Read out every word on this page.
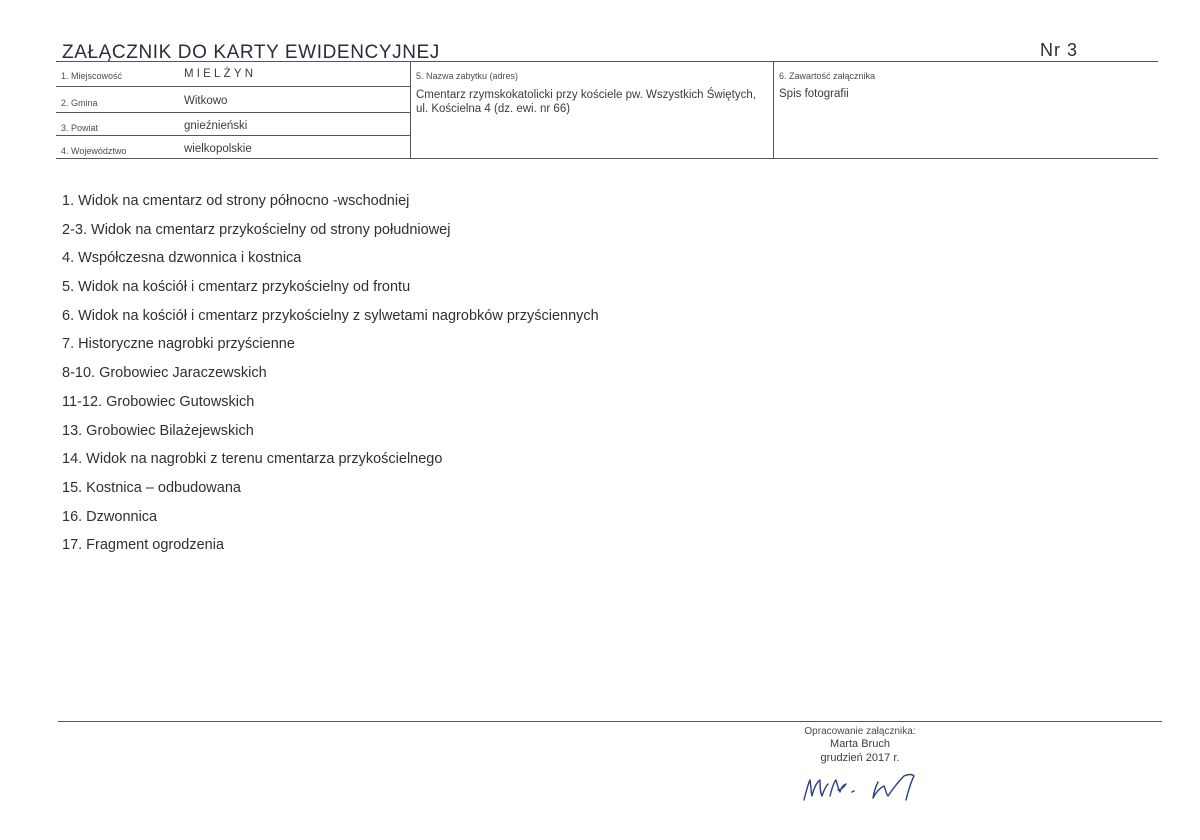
ZAŁĄCZNIK DO KARTY EWIDENCYJNEJ	Nr 3
1. Miejscowość	MIELŻYN
2. Gmina	Witkowo
3. Powiat	gnieźnieński
4. Województwo	wielkopolskie
5. Nazwa zabytku (adres)
Cmentarz rzymskokatolicki przy kościele pw. Wszystkich Świętych, ul. Kościelna 4 (dz. ewi. nr 66)
6. Zawartość załącznika
Spis fotografii
1. Widok na cmentarz od strony północno -wschodniej
2-3. Widok na cmentarz przykościelny od strony południowej
4. Współczesna dzwonnica i kostnica
5. Widok na kościół i cmentarz przykościelny od frontu
6. Widok na kościół i cmentarz przykościelny z sylwetami nagrobków przyściennych
7. Historyczne nagrobki przyścienne
8-10. Grobowiec Jaraczewskich
11-12. Grobowiec Gutowskich
13. Grobowiec Bilażejewskich
14. Widok na nagrobki z terenu cmentarza przykościelnego
15. Kostnica – odbudowana
16. Dzwonnica
17. Fragment ogrodzenia
Opracowanie załącznika:
Marta Bruch
grudzień 2017 r.
